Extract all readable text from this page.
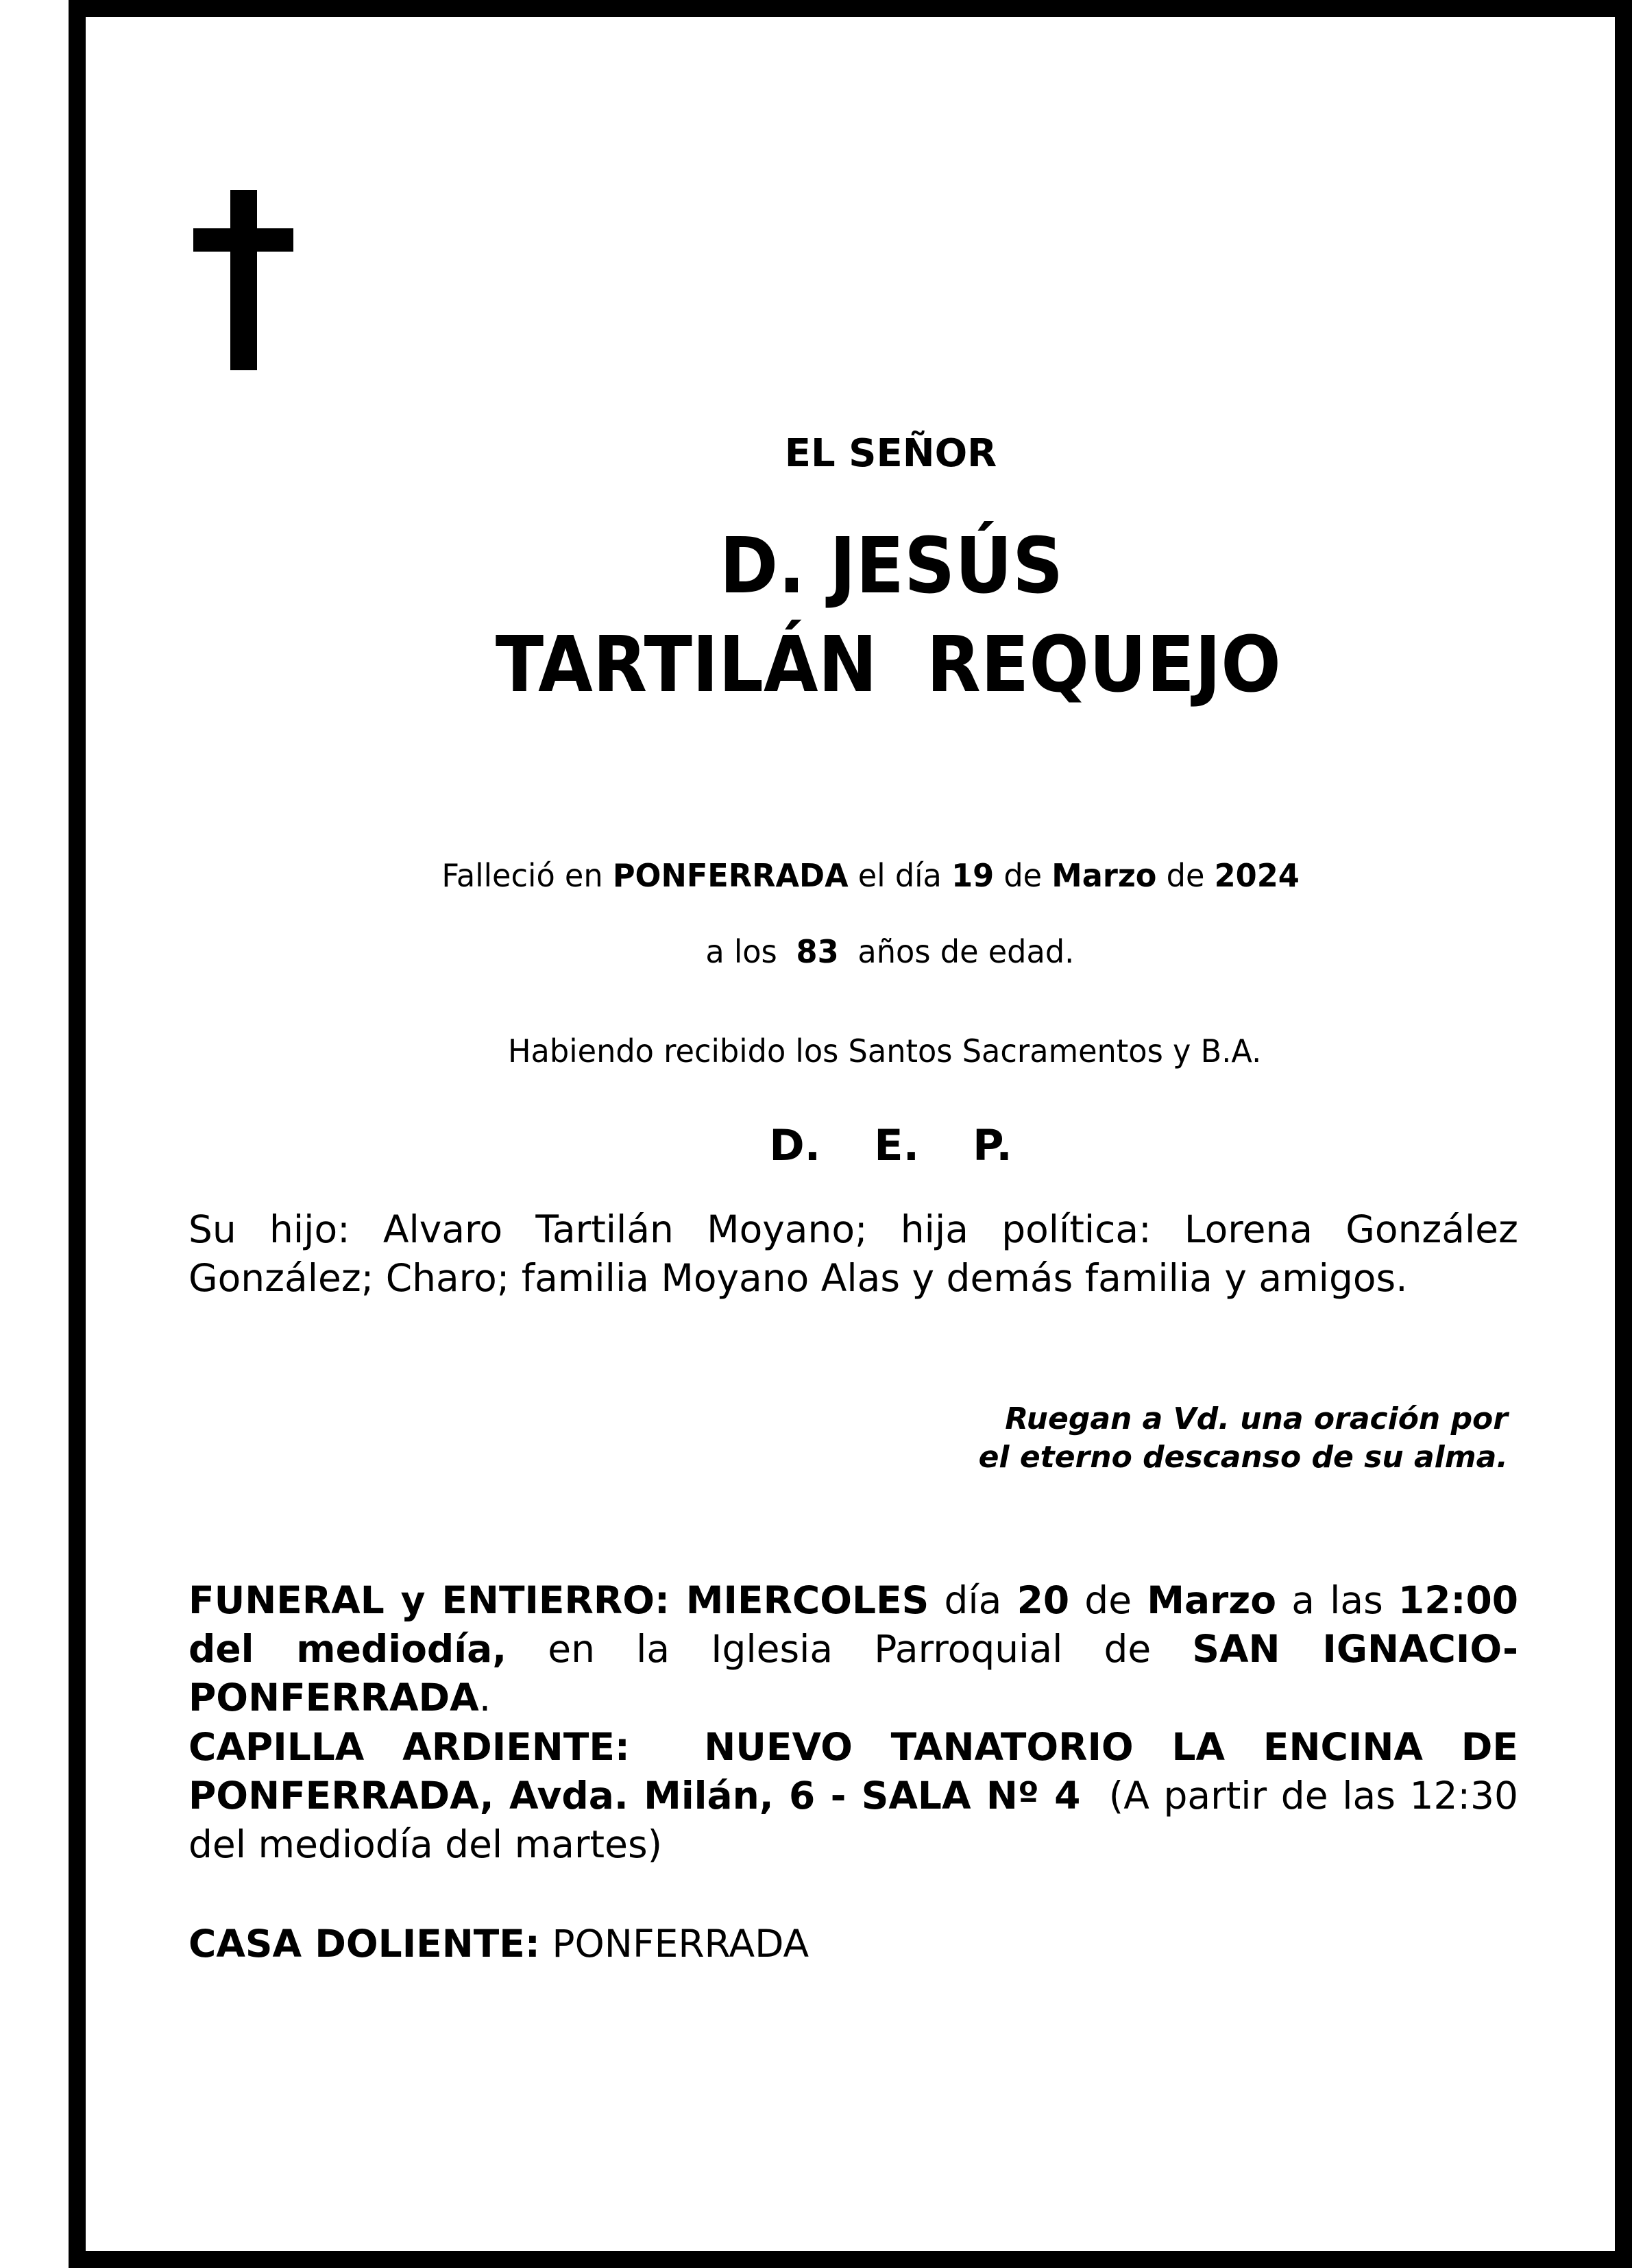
EL SEÑOR
D. JESÚS
TARTILÁN  REQUEJO
Falleció en PONFERRADA el día 19 de Marzo de 2024
a los 83 años de edad.
Habiendo recibido los Santos Sacramentos y B.A.
D. E. P.
Su hijo: Alvaro Tartilán Moyano; hija política: Lorena González González; Charo; familia Moyano Alas y demás familia y amigos.
Ruegan a Vd. una oración por
el eterno descanso de su alma.
FUNERAL y ENTIERRO: MIERCOLES día 20 de Marzo a las 12:00 del mediodía, en la Iglesia Parroquial de SAN IGNACIO- PONFERRADA.
CAPILLA ARDIENTE: NUEVO TANATORIO LA ENCINA DE PONFERRADA, Avda. Milán, 6 - SALA Nº 4 (A partir de las 12:30 del mediodía del martes)
CASA DOLIENTE: PONFERRADA
